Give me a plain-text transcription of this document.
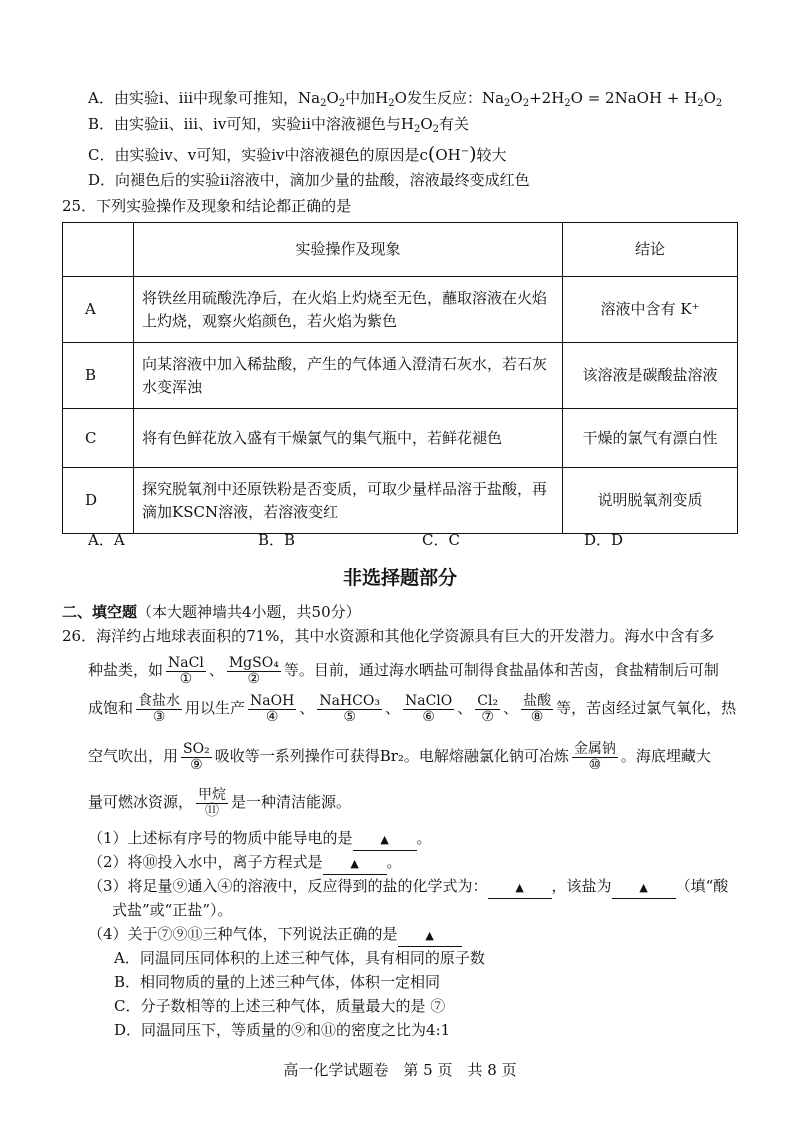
A．由实验i、iii中现象可推知，$Na_2O_2$中加$H_2O$发生反应：$Na_2O_2+2H_2O$ = 2NaOH + $H_2O_2$
B．由实验ii、iii、iv可知，实验ii中溶液褪色与$H_2O_2$有关
C．由实验iv、v可知，实验iv中溶液褪色的原因是c(OH−)较大
D．向褪色后的实验ii溶液中，滴加少量的盐酸，溶液最终变成红色
25．下列实验操作及现象和结论都正确的是
	实验操作及现象	结论
A	将铁丝用硫酸洗净后，在火焰上灼烧至无色，蘸取溶液在火焰上灼烧，观察火焰颜色，若火焰为紫色	溶液中含有 K⁺
B	向某溶液中加入稀盐酸，产生的气体通入澄清石灰水，若石灰水变浑浊	该溶液是碳酸盐溶液
C	将有色鲜花放入盛有干燥氯气的集气瓶中，若鲜花褪色	干燥的氯气有漂白性
D	探究脱氧剂中还原铁粉是否变质，可取少量样品溶于盐酸，再滴加KSCN溶液，若溶液变红	说明脱氧剂变质
A．A	B．B	C．C	D．D
非选择题部分
二、填空题（本大题神墙共4小题，共50分）
26．海洋约占地球表面积的71%，其中水资源和其他化学资源具有巨大的开发潜力。海水中含有多
种盐类，如 $\frac{\text{NaCl}}{\text{①}}$ 、 $\frac{\text{MgSO₄}}{\text{②}}$ 等。目前，通过海水晒盐可制得食盐晶体和苦卤，食盐精制后可制
成饱和 $\frac{\text{食盐水}}{\text{③}}$ 用以生产 $\frac{\text{NaOH}}{\text{④}}$ 、 $\frac{\text{NaHCO₃}}{\text{⑤}}$ 、 $\frac{\text{NaClO}}{\text{⑥}}$ 、 $\frac{\text{Cl₂}}{\text{⑦}}$ 、 $\frac{\text{盐酸}}{\text{⑧}}$ 等，苦卤经过氯气氧化，热
空气吹出，用 $\frac{\text{SO₂}}{\text{⑨}}$ 吸收等一系列操作可获得Br₂。电解熔融氯化钠可冶炼 $\frac{\text{金属钠}}{\text{⑩}}$ 。海底埋藏大
量可燃冰资源， $\frac{\text{甲烷}}{\text{⑪}}$ 是一种清洁能源。
（1）上述标有序号的物质中能导电的是	▲ 。
（2）将⑩投入水中，离子方程式是	▲ 。
（3）将足量⑨通入④的溶液中，反应得到的盐的化学式为：	▲ ，该盐为	▲ （填“酸
式盐”或“正盐”）。
（4）关于⑦⑨⑪三种气体，下列说法正确的是	▲
A．同温同压同体积的上述三种气体，具有相同的原子数
B．相同物质的量的上述三种气体，体积一定相同
C．分子数相等的上述三种气体，质量最大的是 ⑦
D．同温同压下，等质量的⑨和⑪的密度之比为4:1
高一化学试题卷　第 5 页　共 8 页
